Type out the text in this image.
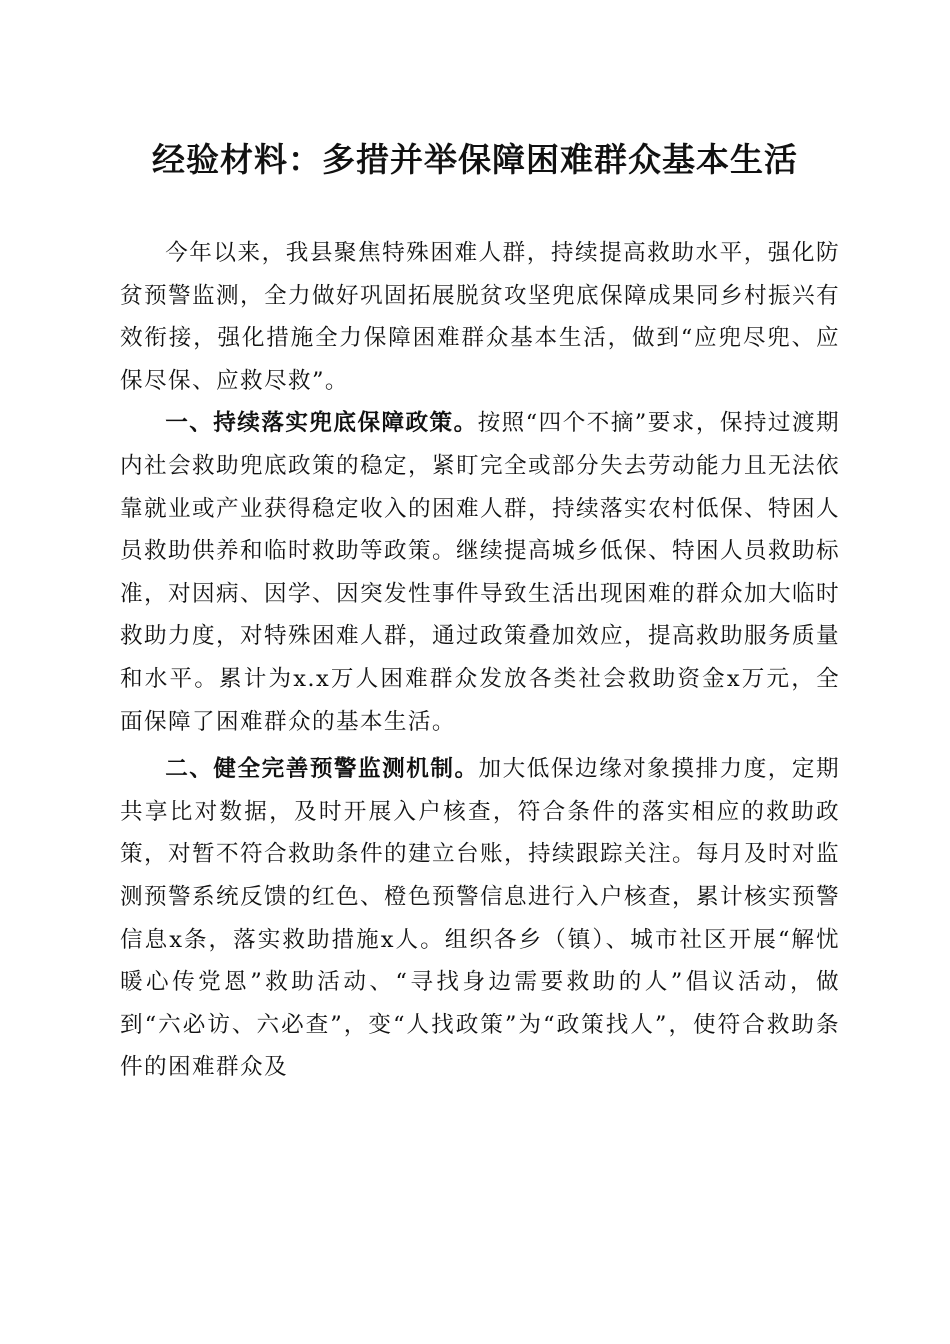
经验材料：多措并举保障困难群众基本生活

今年以来，我县聚焦特殊困难人群，持续提高救助水平，强化防贫预警监测，全力做好巩固拓展脱贫攻坚兜底保障成果同乡村振兴有效衔接，强化措施全力保障困难群众基本生活，做到“应兜尽兜、应保尽保、应救尽救”。

一、持续落实兜底保障政策。按照“四个不摘”要求，保持过渡期内社会救助兜底政策的稳定，紧盯完全或部分失去劳动能力且无法依靠就业或产业获得稳定收入的困难人群，持续落实农村低保、特困人员救助供养和临时救助等政策。继续提高城乡低保、特困人员救助标准，对因病、因学、因突发性事件导致生活出现困难的群众加大临时救助力度，对特殊困难人群，通过政策叠加效应，提高救助服务质量和水平。累计为x.x万人困难群众发放各类社会救助资金x万元，全面保障了困难群众的基本生活。

二、健全完善预警监测机制。加大低保边缘对象摸排力度，定期共享比对数据，及时开展入户核查，符合条件的落实相应的救助政策，对暂不符合救助条件的建立台账，持续跟踪关注。每月及时对监测预警系统反馈的红色、橙色预警信息进行入户核查，累计核实预警信息x条，落实救助措施x人。组织各乡（镇）、城市社区开展“解忧暖心传党恩”救助活动、“寻找身边需要救助的人”倡议活动，做到“六必访、六必查”，变“人找政策”为“政策找人”，使符合救助条件的困难群众及
